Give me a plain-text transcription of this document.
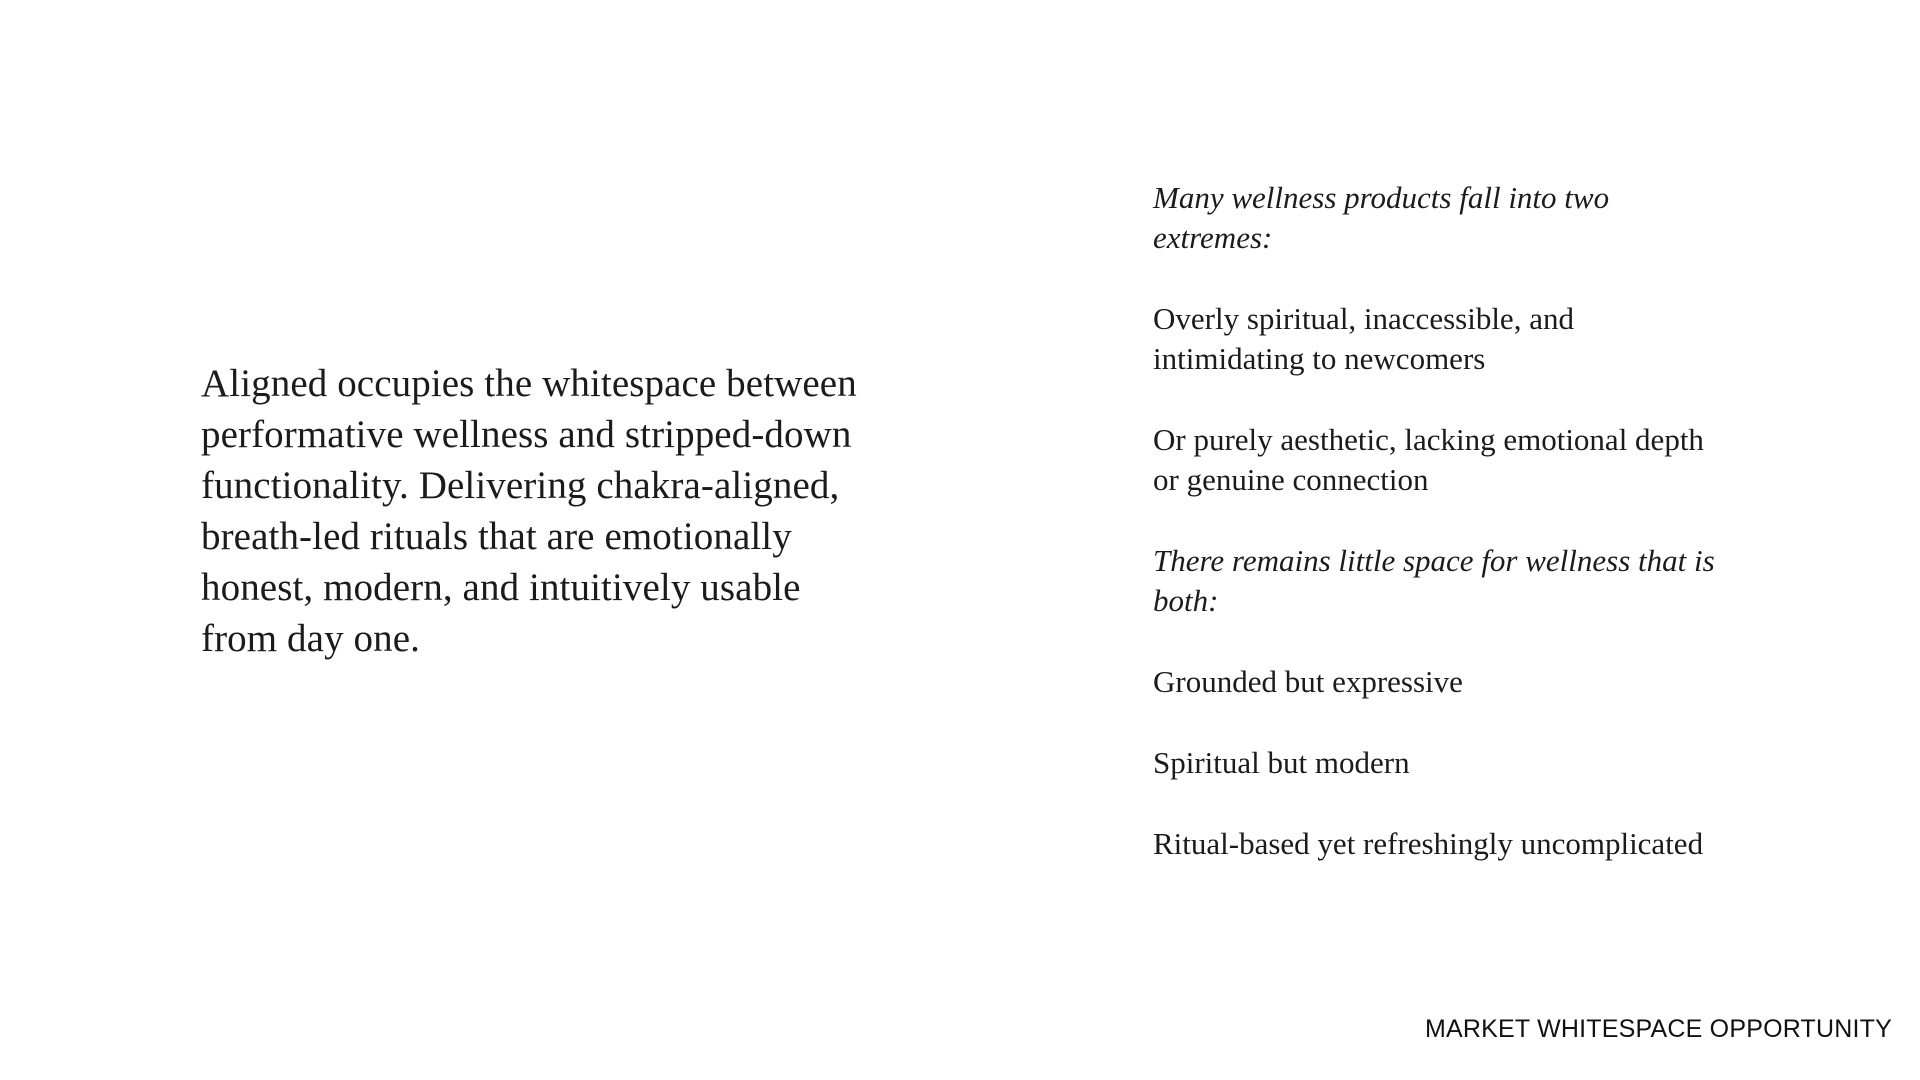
Aligned occupies the whitespace between performative wellness and stripped-down functionality. Delivering chakra-aligned, breath-led rituals that are emotionally honest, modern, and intuitively usable from day one.

Many wellness products fall into two extremes:

Overly spiritual, inaccessible, and intimidating to newcomers

Or purely aesthetic, lacking emotional depth or genuine connection

There remains little space for wellness that is both:

Grounded but expressive

Spiritual but modern

Ritual-based yet refreshingly uncomplicated

MARKET WHITESPACE OPPORTUNITY
